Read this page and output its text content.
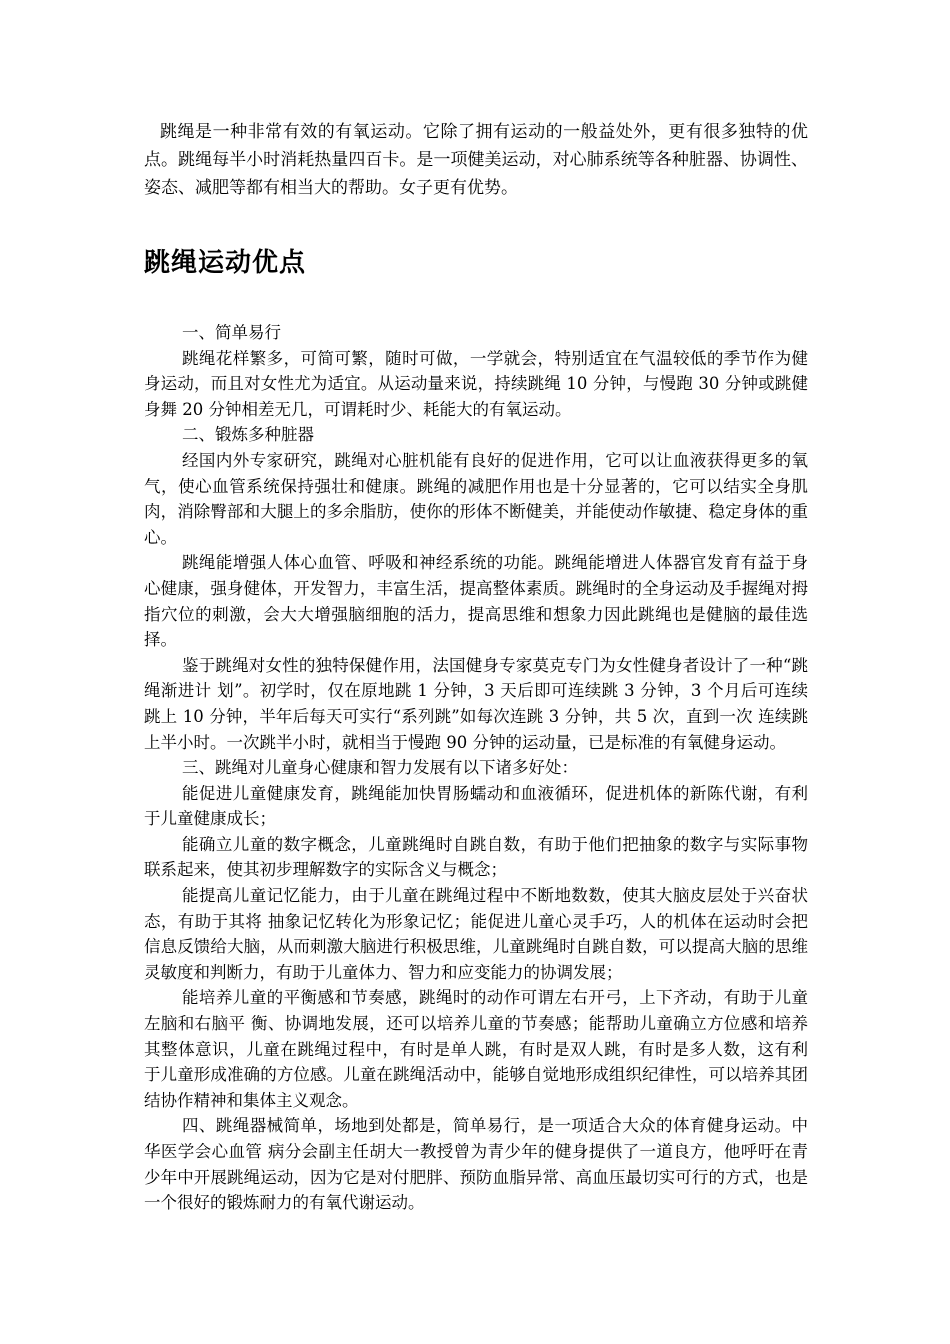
跳绳是一种非常有效的有氧运动。它除了拥有运动的一般益处外，更有很多独特的优点。跳绳每半小时消耗热量四百卡。是一项健美运动，对心肺系统等各种脏器、协调性、姿态、减肥等都有相当大的帮助。女子更有优势。

跳绳运动优点

一、简单易行

跳绳花样繁多，可简可繁，随时可做，一学就会，特别适宜在气温较低的季节作为健身运动，而且对女性尤为适宜。从运动量来说，持续跳绳 10 分钟，与慢跑 30 分钟或跳健身舞 20 分钟相差无几，可谓耗时少、耗能大的有氧运动。

二、锻炼多种脏器

经国内外专家研究，跳绳对心脏机能有良好的促进作用，它可以让血液获得更多的氧气，使心血管系统保持强壮和健康。跳绳的减肥作用也是十分显著的，它可以结实全身肌肉，消除臀部和大腿上的多余脂肪，使你的形体不断健美，并能使动作敏捷、稳定身体的重心。

跳绳能增强人体心血管、呼吸和神经系统的功能。跳绳能增进人体器官发育有益于身心健康，强身健体，开发智力，丰富生活，提高整体素质。跳绳时的全身运动及手握绳对拇指穴位的刺激，会大大增强脑细胞的活力，提高思维和想象力因此跳绳也是健脑的最佳选择。

鉴于跳绳对女性的独特保健作用，法国健身专家莫克专门为女性健身者设计了一种“跳绳渐进计 划”。初学时，仅在原地跳 1 分钟，3 天后即可连续跳 3 分钟，3 个月后可连续跳上 10 分钟，半年后每天可实行“系列跳”如每次连跳 3 分钟，共 5 次，直到一次 连续跳上半小时。一次跳半小时，就相当于慢跑 90 分钟的运动量，已是标准的有氧健身运动。

三、跳绳对儿童身心健康和智力发展有以下诸多好处：

能促进儿童健康发育，跳绳能加快胃肠蠕动和血液循环，促进机体的新陈代谢，有利于儿童健康成长；

能确立儿童的数字概念，儿童跳绳时自跳自数，有助于他们把抽象的数字与实际事物联系起来，使其初步理解数字的实际含义与概念；

能提高儿童记忆能力，由于儿童在跳绳过程中不断地数数，使其大脑皮层处于兴奋状态，有助于其将 抽象记忆转化为形象记忆；能促进儿童心灵手巧，人的机体在运动时会把信息反馈给大脑，从而刺激大脑进行积极思维，儿童跳绳时自跳自数，可以提高大脑的思维 灵敏度和判断力，有助于儿童体力、智力和应变能力的协调发展；

能培养儿童的平衡感和节奏感，跳绳时的动作可谓左右开弓，上下齐动，有助于儿童左脑和右脑平 衡、协调地发展，还可以培养儿童的节奏感；能帮助儿童确立方位感和培养其整体意识，儿童在跳绳过程中，有时是单人跳，有时是双人跳，有时是多人数，这有利 于儿童形成准确的方位感。儿童在跳绳活动中，能够自觉地形成组织纪律性，可以培养其团结协作精神和集体主义观念。

四、跳绳器械简单，场地到处都是，简单易行，是一项适合大众的体育健身运动。中华医学会心血管 病分会副主任胡大一教授曾为青少年的健身提供了一道良方，他呼吁在青少年中开展跳绳运动，因为它是对付肥胖、预防血脂异常、高血压最切实可行的方式，也是 一个很好的锻炼耐力的有氧代谢运动。
